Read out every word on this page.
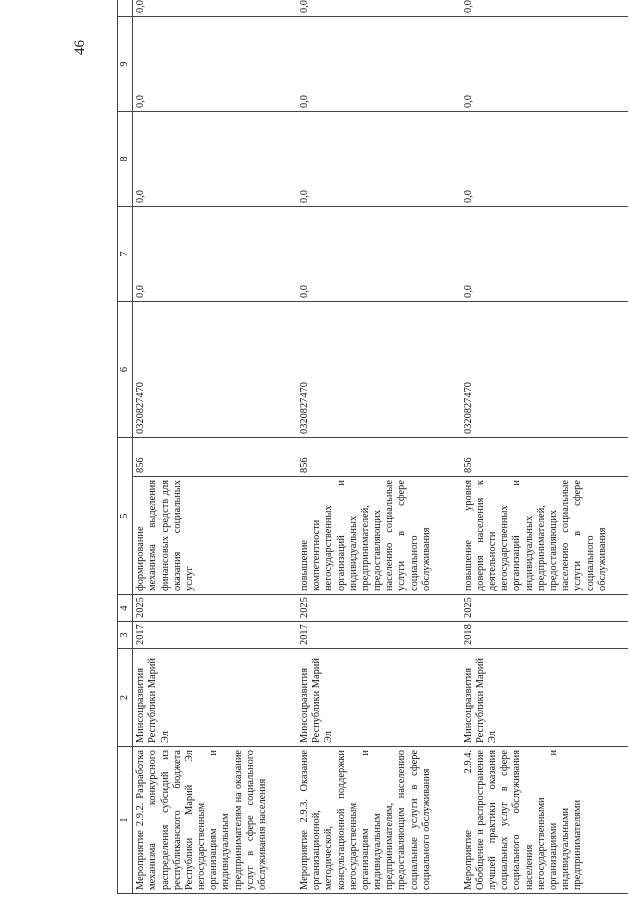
46
1	2	3	4	5		6	7	8	9	
Мероприятие 2.9.2. Разработка механизма конкурсного распределения субсидий из республиканского бюджета Республики Марий Эл негосударственным организациям и индивидуальным предпринимателям на оказание услуг в сфере социального обслуживания населения	Минсоцразвития Республики Марий Эл	2017	2025	формирование механизма выделения финансовых средств для оказания социальных услуг	856	0320827470	0,0	0,0	0,0	0,0
Мероприятие 2.9.3. Оказание организационной, методической, консультационной поддержки негосударственным организациям и индивидуальным предпринимателям, предоставляющим населению социальные услуги в сфере социального обслуживания	Минсоцразвития Республики Марий Эл	2017	2025	повышение компетентности негосударственных организаций и индивидуальных предпринимателей, предоставляющих населению социальные услуги в сфере социального обслуживания	856	0320827470	0,0	0,0	0,0	0,0
Мероприятие 2.9.4. Обобщение и распространение лучшей практики оказания социальных услуг в сфере социального обслуживания населения негосударственными организациями и индивидуальными предпринимателями	Минсоцразвития Республики Марий Эл	2018	2025	повышение уровня доверия населения к деятельности негосударственных организаций и индивидуальных предпринимателей, предоставляющих населению социальные услуги в сфере социального обслуживания	856	0320827470	0,0	0,0	0,0	0,0
